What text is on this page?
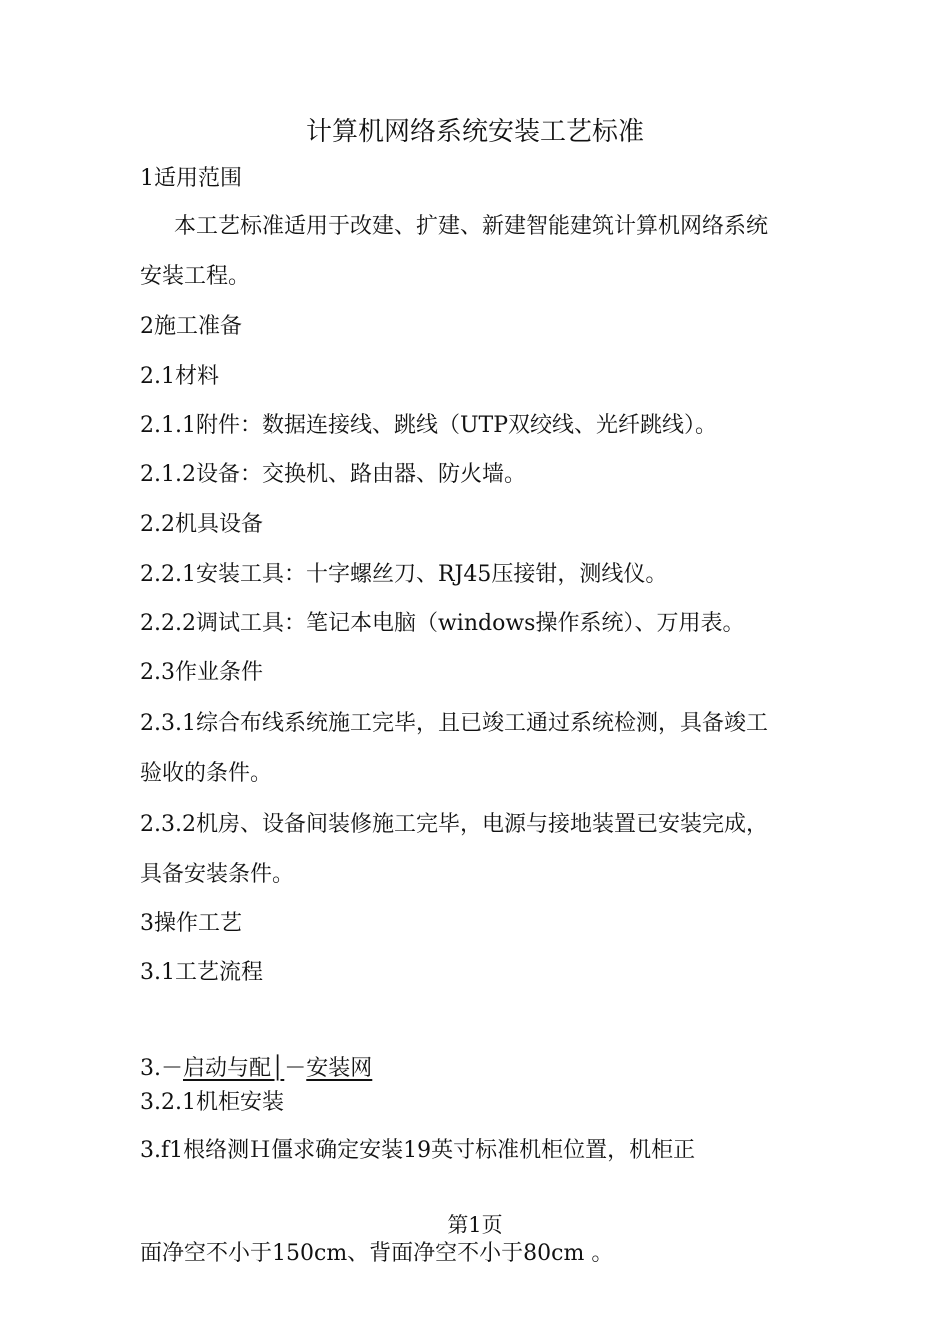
计算机网络系统安装工艺标准

1适用范围

本工艺标准适用于改建、扩建、新建智能建筑计算机网络系统

安装工程。

2施工准备

2.1材料

2.1.1附件：数据连接线、跳线（UTP双绞线、光纤跳线）。

2.1.2设备：交换机、路由器、防火墙。

2.2机具设备

2.2.1安装工具：十字螺丝刀、RJ45压接钳，测线仪。

2.2.2调试工具：笔记本电脑（windows操作系统）、万用表。

2.3作业条件

2.3.1综合布线系统施工完毕，且已竣工通过系统检测，具备竣工

验收的条件。

2.3.2机房、设备间装修施工完毕，电源与接地装置已安装完成，

具备安装条件。

3操作工艺

3.1工艺流程

3.－启动与配│－安装网

3.2.1机柜安装

3.f1根络测Ｈ僵求确定安装19英寸标准机柜位置，机柜正

第1页

面净空不小于150cm、背面净空不小于80cm 。
